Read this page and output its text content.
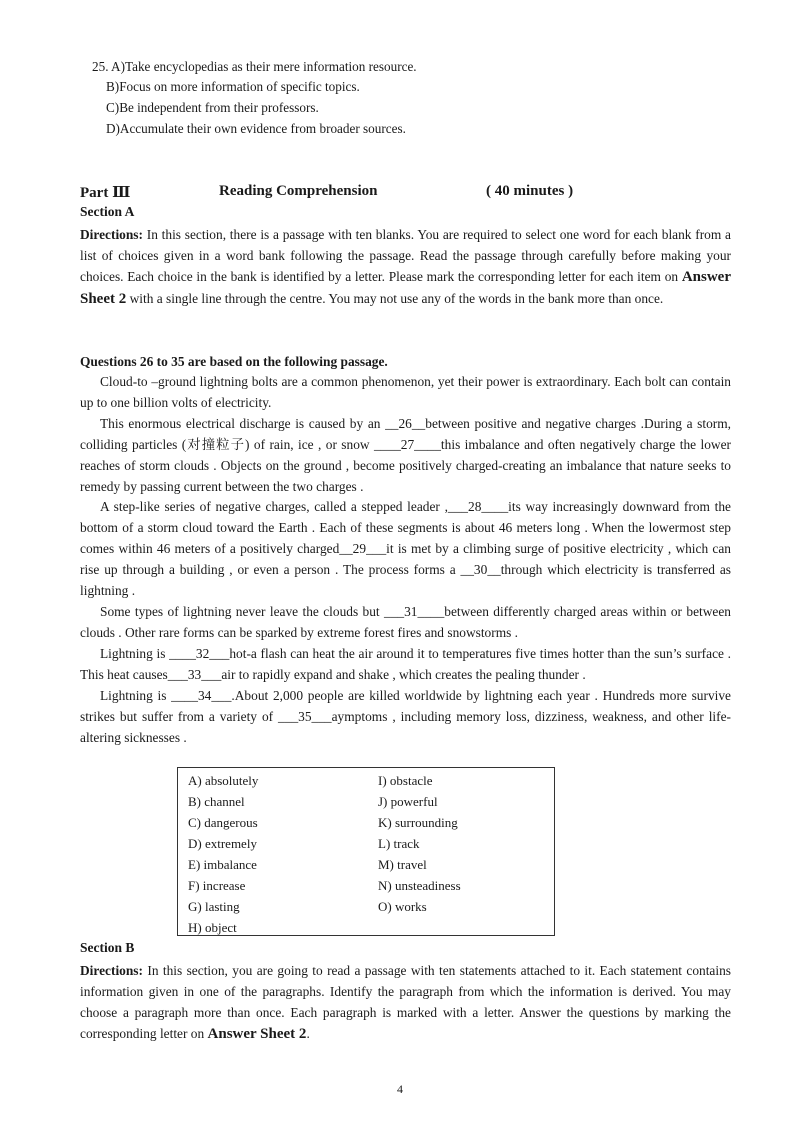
25. A)Take encyclopedias as their mere information resource.
B)Focus on more information of specific topics.
C)Be independent from their professors.
D)Accumulate their own evidence from broader sources.
Part Ⅲ	Reading Comprehension	( 40 minutes )
Section A
Directions: In this section, there is a passage with ten blanks. You are required to select one word for each blank from a list of choices given in a word bank following the passage. Read the passage through carefully before making your choices. Each choice in the bank is identified by a letter. Please mark the corresponding letter for each item on Answer Sheet 2 with a single line through the centre. You may not use any of the words in the bank more than once.
Questions 26 to 35 are based on the following passage.
Cloud-to –ground lightning bolts are a common phenomenon, yet their power is extraordinary. Each bolt can contain up to one billion volts of electricity.
This enormous electrical discharge is caused by an __26__between positive and negative charges .During a storm, colliding particles (对撞粒子) of rain, ice , or snow ____27____this imbalance and often negatively charge the lower reaches of storm clouds . Objects on the ground , become positively charged-creating an imbalance that nature seeks to remedy by passing current between the two charges .
A step-like series of negative charges, called a stepped leader ,___28____its way increasingly downward from the bottom of a storm cloud toward the Earth . Each of these segments is about 46 meters long . When the lowermost step comes within 46 meters of a positively charged__29___it is met by a climbing surge of positive electricity , which can rise up through a building , or even a person . The process forms a __30__through which electricity is transferred as lightning .
Some types of lightning never leave the clouds but ___31____between differently charged areas within or between clouds . Other rare forms can be sparked by extreme forest fires and snowstorms .
Lightning is ____32___hot-a flash can heat the air around it to temperatures five times hotter than the sun’s surface . This heat causes___33___air to rapidly expand and shake , which creates the pealing thunder .
Lightning is ____34___.About 2,000 people are killed worldwide by lightning each year . Hundreds more survive strikes but suffer from a variety of ___35___aymptoms , including memory loss, dizziness, weakness, and other life-altering sicknesses .
A) absolutely
B) channel
C) dangerous
D) extremely
E) imbalance
F) increase
G) lasting
H) object
I) obstacle
J) powerful
K) surrounding
L) track
M) travel
N) unsteadiness
O) works
Section B
Directions: In this section, you are going to read a passage with ten statements attached to it. Each statement contains information given in one of the paragraphs. Identify the paragraph from which the information is derived. You may choose a paragraph more than once. Each paragraph is marked with a letter. Answer the questions by marking the corresponding letter on Answer Sheet 2.
4
